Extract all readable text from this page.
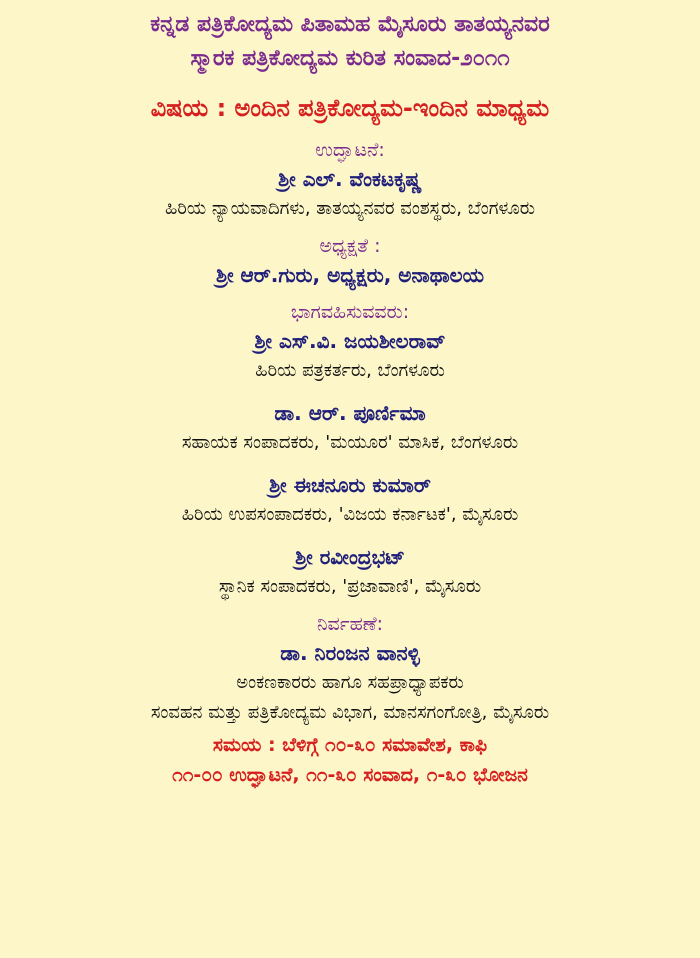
ಕನ್ನಡ ಪತ್ರಿಕೋದ್ಯಮ ಪಿತಾಮಹ ಮೈಸೂರು ತಾತಯ್ಯನವರ
ಸ್ಮಾರಕ ಪತ್ರಿಕೋದ್ಯಮ ಕುರಿತ ಸಂವಾದ-೨೦೧೧
ವಿಷಯ : ಅಂದಿನ ಪತ್ರಿಕೋದ್ಯಮ-ಇಂದಿನ ಮಾಧ್ಯಮ
ಉದ್ಘಾಟನೆ:
ಶ್ರೀ ಎಲ್. ವೆಂಕಟಕೃಷ್ಣ
ಹಿರಿಯ ನ್ಯಾಯವಾದಿಗಳು, ತಾತಯ್ಯನವರ ವಂಶಸ್ಥರು, ಬೆಂಗಳೂರು
ಅಧ್ಯಕ್ಷತೆ :
ಶ್ರೀ ಆರ್.ಗುರು, ಅಧ್ಯಕ್ಷರು, ಅನಾಥಾಲಯ
ಭಾಗವಹಿಸುವವರು:
ಶ್ರೀ ಎಸ್.ವಿ. ಜಯಶೀಲರಾವ್
ಹಿರಿಯ ಪತ್ರಕರ್ತರು, ಬೆಂಗಳೂರು
ಡಾ. ಆರ್. ಪೂರ್ಣಿಮಾ
ಸಹಾಯಕ ಸಂಪಾದಕರು, 'ಮಯೂರ' ಮಾಸಿಕ, ಬೆಂಗಳೂರು
ಶ್ರೀ ಈಚನೂರು ಕುಮಾರ್
ಹಿರಿಯ ಉಪಸಂಪಾದಕರು, 'ವಿಜಯ ಕರ್ನಾಟಕ', ಮೈಸೂರು
ಶ್ರೀ ರವೀಂದ್ರಭಟ್
ಸ್ಥಾನಿಕ ಸಂಪಾದಕರು, 'ಪ್ರಜಾವಾಣಿ', ಮೈಸೂರು
ನಿರ್ವಹಣೆ:
ಡಾ. ನಿರಂಜನ ವಾನಳ್ಳಿ
ಅಂಕಣಕಾರರು ಹಾಗೂ ಸಹಪ್ರಾಧ್ಯಾಪಕರು
ಸಂವಹನ ಮತ್ತು ಪತ್ರಿಕೋದ್ಯಮ ವಿಭಾಗ, ಮಾನಸಗಂಗೋತ್ರಿ, ಮೈಸೂರು
ಸಮಯ : ಬೆಳಿಗ್ಗೆ ೧೦-೩೦ ಸಮಾವೇಶ, ಕಾಫಿ
೧೧-೦೦ ಉದ್ಘಾಟನೆ, ೧೧-೩೦ ಸಂವಾದ, ೧-೩೦ ಭೋಜನ
